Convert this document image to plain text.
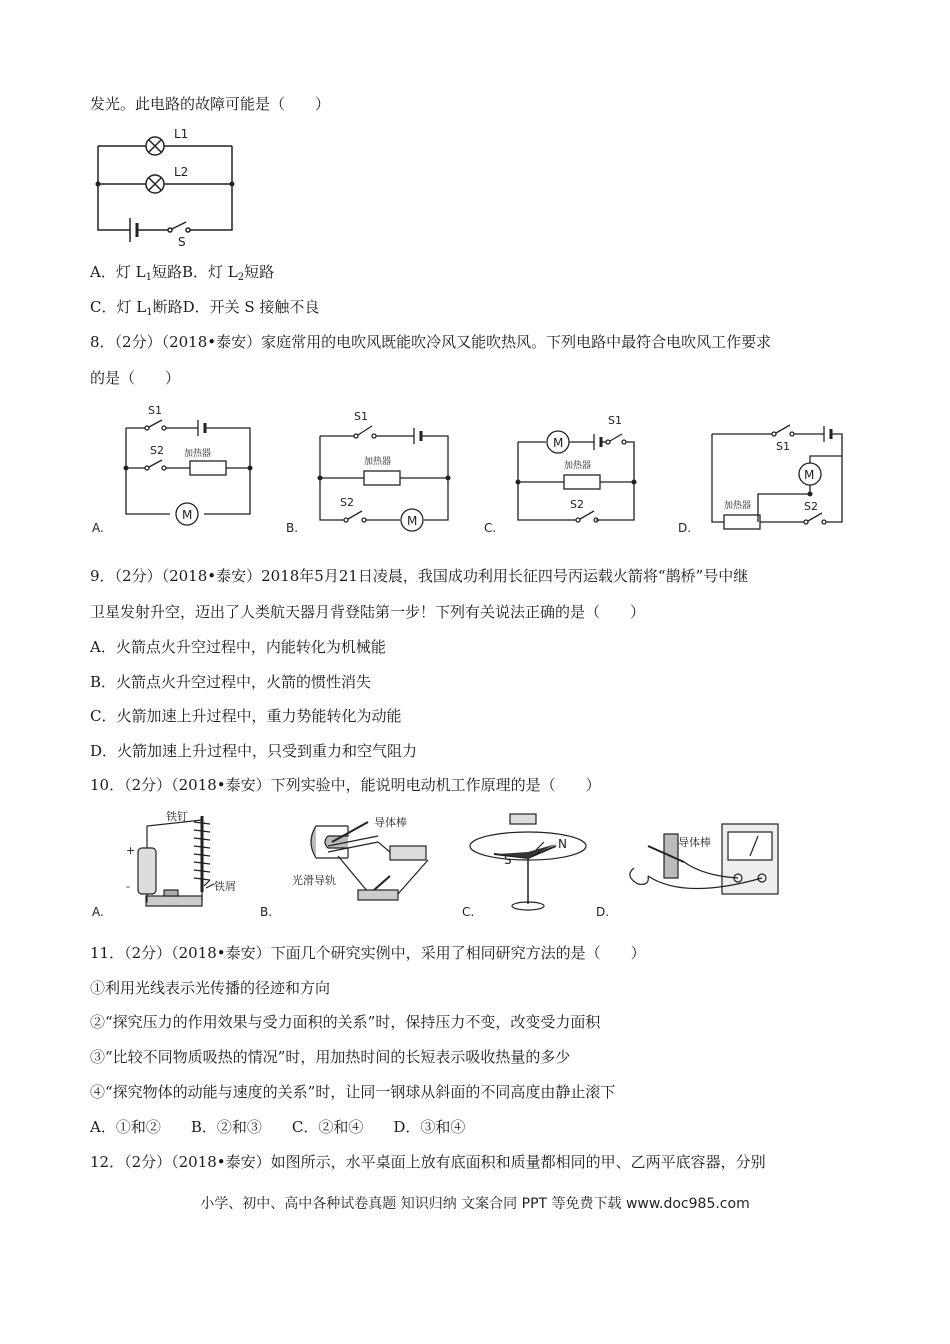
发光。此电路的故障可能是（　　）
L1
L2
S
A．灯 $L_1$短路B．灯 $L_2$短路
C．灯 $L_1$断路D．开关 S 接触不良
8．（2分）（2018•泰安）家庭常用的电吹风既能吹冷风又能吹热风。下列电路中最符合电吹风工作要求
的是（　　）
S1
S2 加热器
M
A.
S1
加热器
S2
M
B.
M
S1
加热器
S2
C.
M
S1
加热器	S2
D.
9．（2分）（2018•泰安）2018年5月21日凌晨，我国成功利用长征四号丙运载火箭将“鹊桥”号中继
卫星发射升空，迈出了人类航天器月背登陆第一步！下列有关说法正确的是（　　）
A．火箭点火升空过程中，内能转化为机械能
B．火箭点火升空过程中，火箭的惯性消失
C．火箭加速上升过程中，重力势能转化为动能
D．火箭加速上升过程中，只受到重力和空气阻力
10．（2分）（2018•泰安）下列实验中，能说明电动机工作原理的是（　　）
铁钉
铁屑
+
-
A.
导体棒
光滑导轨
B.
S
N
C.
导体棒
D.
11．（2分）（2018•泰安）下面几个研究实例中，采用了相同研究方法的是（　　）
①利用光线表示光传播的径迹和方向
②“探究压力的作用效果与受力面积的关系”时，保持压力不变，改变受力面积
③“比较不同物质吸热的情况”时，用加热时间的长短表示吸收热量的多少
④“探究物体的动能与速度的关系”时，让同一钢球从斜面的不同高度由静止滚下
A．①和②　　B．②和③　　C．②和④　　D．③和④
12．（2分）（2018•泰安）如图所示，水平桌面上放有底面积和质量都相同的甲、乙两平底容器，分别
小学、初中、高中各种试卷真题 知识归纳 文案合同 PPT 等免费下载 www.doc985.com
